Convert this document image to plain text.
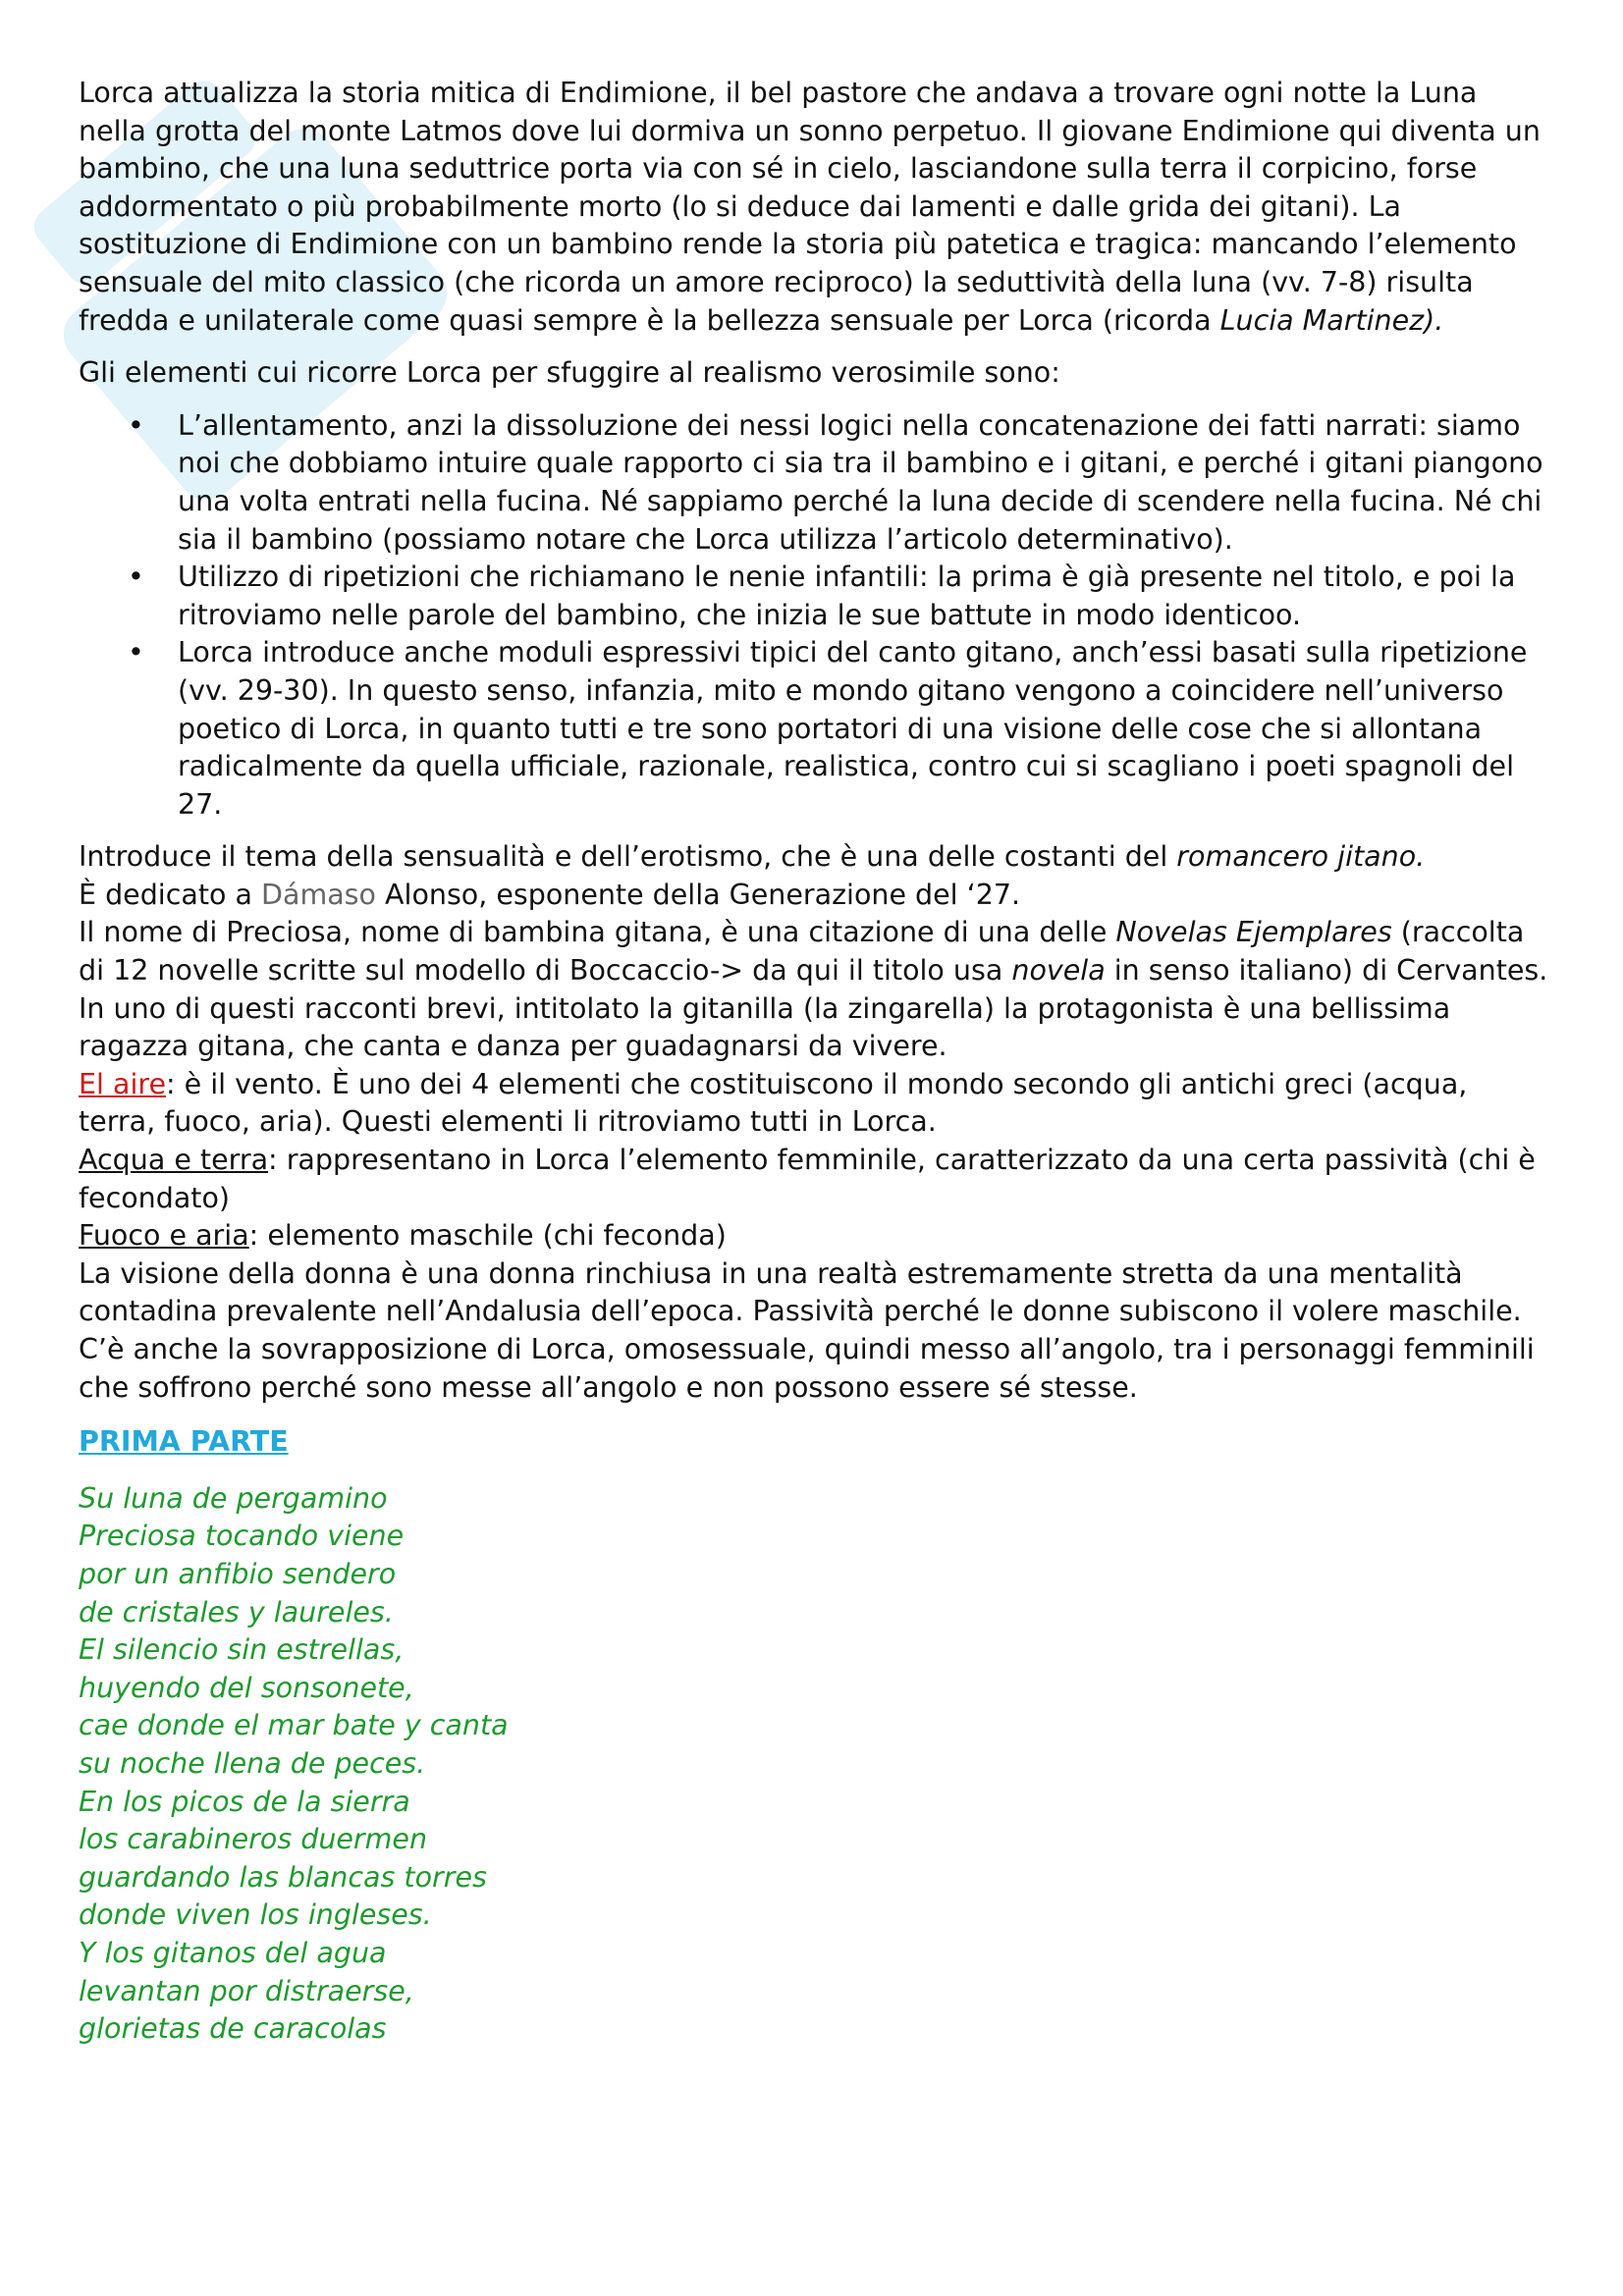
Lorca attualizza la storia mitica di Endimione, il bel pastore che andava a trovare ogni notte la Luna nella grotta del monte Latmos dove lui dormiva un sonno perpetuo. Il giovane Endimione qui diventa un bambino, che una luna seduttrice porta via con sé in cielo, lasciandone sulla terra il corpicino, forse addormentato o più probabilmente morto (lo si deduce dai lamenti e dalle grida dei gitani). La sostituzione di Endimione con un bambino rende la storia più patetica e tragica: mancando l’elemento sensuale del mito classico (che ricorda un amore reciproco) la seduttività della luna (vv. 7-8) risulta fredda e unilaterale come quasi sempre è la bellezza sensuale per Lorca (ricorda Lucia Martinez).

Gli elementi cui ricorre Lorca per sfuggire al realismo verosimile sono:

• L’allentamento, anzi la dissoluzione dei nessi logici nella concatenazione dei fatti narrati: siamo noi che dobbiamo intuire quale rapporto ci sia tra il bambino e i gitani, e perché i gitani piangono una volta entrati nella fucina. Né sappiamo perché la luna decide di scendere nella fucina. Né chi sia il bambino (possiamo notare che Lorca utilizza l’articolo determinativo).
• Utilizzo di ripetizioni che richiamano le nenie infantili: la prima è già presente nel titolo, e poi la ritroviamo nelle parole del bambino, che inizia le sue battute in modo identicoo.
• Lorca introduce anche moduli espressivi tipici del canto gitano, anch’essi basati sulla ripetizione (vv. 29-30). In questo senso, infanzia, mito e mondo gitano vengono a coincidere nell’universo poetico di Lorca, in quanto tutti e tre sono portatori di una visione delle cose che si allontana radicalmente da quella ufficiale, razionale, realistica, contro cui si scagliano i poeti spagnoli del 27.

Introduce il tema della sensualità e dell’erotismo, che è una delle costanti del romancero jitano.

È dedicato a Dámaso Alonso, esponente della Generazione del ‘27.

Il nome di Preciosa, nome di bambina gitana, è una citazione di una delle Novelas Ejemplares (raccolta di 12 novelle scritte sul modello di Boccaccio-> da qui il titolo usa novela in senso italiano) di Cervantes.

In uno di questi racconti brevi, intitolato la gitanilla (la zingarella) la protagonista è una bellissima ragazza gitana, che canta e danza per guadagnarsi da vivere.

El aire: è il vento. È uno dei 4 elementi che costituiscono il mondo secondo gli antichi greci (acqua, terra, fuoco, aria). Questi elementi li ritroviamo tutti in Lorca.

Acqua e terra: rappresentano in Lorca l’elemento femminile, caratterizzato da una certa passività (chi è fecondato)

Fuoco e aria: elemento maschile (chi feconda)

La visione della donna è una donna rinchiusa in una realtà estremamente stretta da una mentalità contadina prevalente nell’Andalusia dell’epoca. Passività perché le donne subiscono il volere maschile.

C’è anche la sovrapposizione di Lorca, omosessuale, quindi messo all’angolo, tra i personaggi femminili che soffrono perché sono messe all’angolo e non possono essere sé stesse.

PRIMA PARTE

Su luna de pergamino

Preciosa tocando viene

por un anfibio sendero

de cristales y laureles.

El silencio sin estrellas,

huyendo del sonsonete,

cae donde el mar bate y canta

su noche llena de peces.

En los picos de la sierra

los carabineros duermen

guardando las blancas torres

donde viven los ingleses.

Y los gitanos del agua

levantan por distraerse,

glorietas de caracolas
